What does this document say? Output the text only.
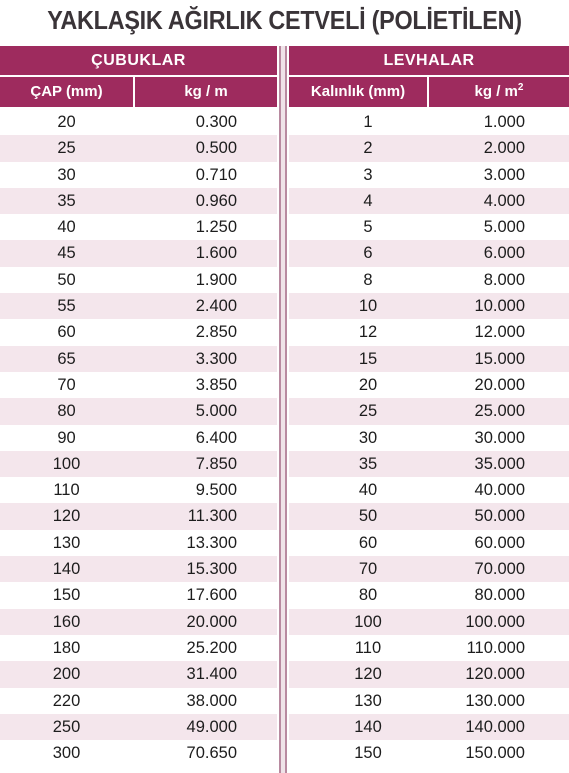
YAKLAŞIK AĞIRLIK CETVELİ (POLİETİLEN)
ÇUBUKLAR
ÇAP (mm)	kg / m
20	0.300
25	0.500
30	0.710
35	0.960
40	1.250
45	1.600
50	1.900
55	2.400
60	2.850
65	3.300
70	3.850
80	5.000
90	6.400
100	7.850
110	9.500
120	11.300
130	13.300
140	15.300
150	17.600
160	20.000
180	25.200
200	31.400
220	38.000
250	49.000
300	70.650
LEVHALAR
Kalınlık (mm)	kg / $m^2$
1	1.000
2	2.000
3	3.000
4	4.000
5	5.000
6	6.000
8	8.000
10	10.000
12	12.000
15	15.000
20	20.000
25	25.000
30	30.000
35	35.000
40	40.000
50	50.000
60	60.000
70	70.000
80	80.000
100	100.000
110	110.000
120	120.000
130	130.000
140	140.000
150	150.000
